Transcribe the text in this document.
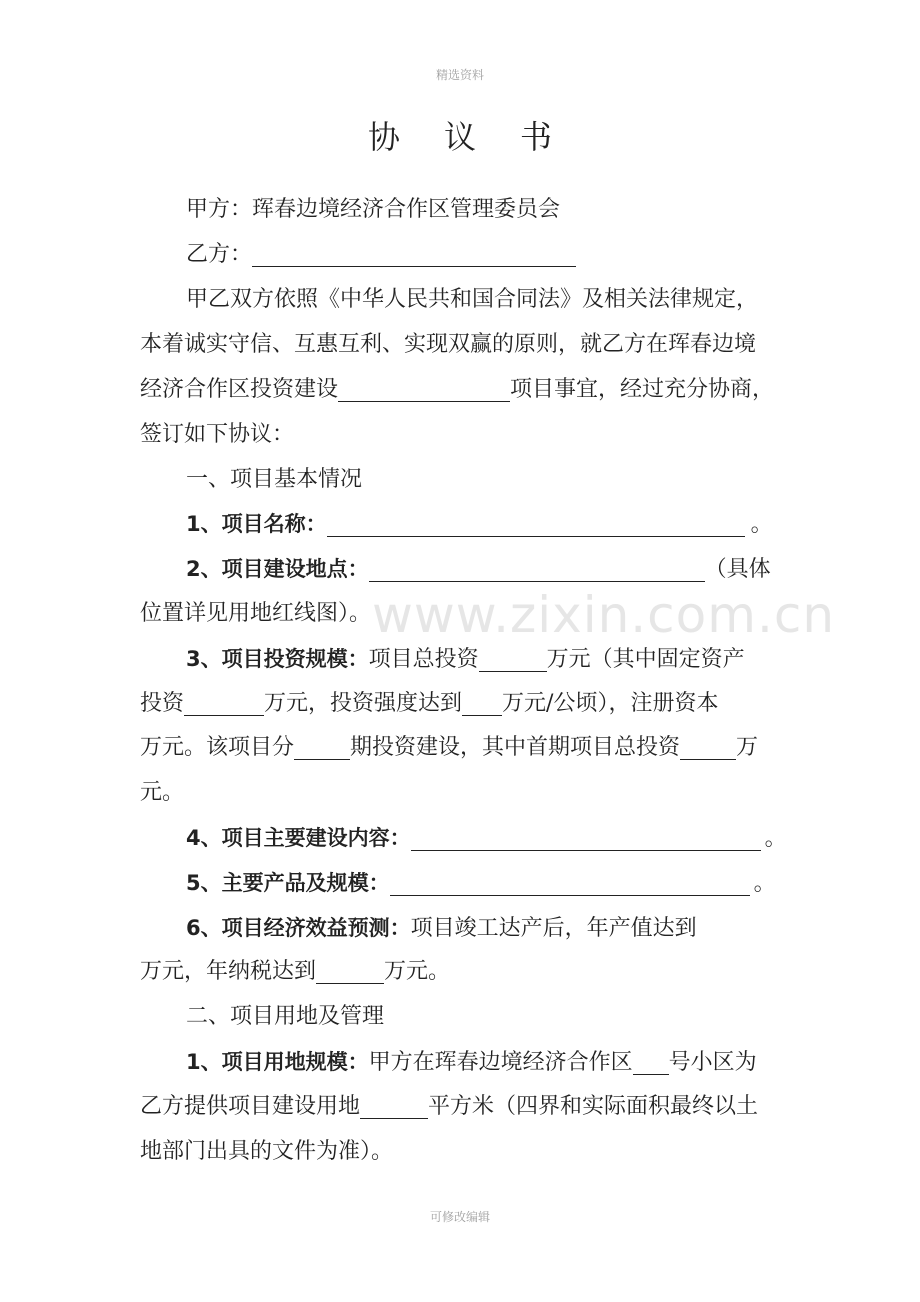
精选资料
www.zixin.com.cn
协议书
甲方：珲春边境经济合作区管理委员会
乙方：
甲乙双方依照《中华人民共和国合同法》及相关法律规定，
本着诚实守信、互惠互利、实现双赢的原则，就乙方在珲春边境
经济合作区投资建设	项目事宜，经过充分协商，
签订如下协议：
一、项目基本情况
1、项目名称：	。
2、项目建设地点：	（具体
位置详见用地红线图）。
3、项目投资规模：项目总投资	万元（其中固定资产
投资	万元，投资强度达到 万元/公顷），注册资本
万元。该项目分	期投资建设，其中首期项目总投资	万
元。
4、项目主要建设内容：	。
5、主要产品及规模：	。
6、项目经济效益预测：项目竣工达产后，年产值达到
万元，年纳税达到	万元。
二、项目用地及管理
1、项目用地规模：甲方在珲春边境经济合作区 号小区为
乙方提供项目建设用地	平方米（四界和实际面积最终以土
地部门出具的文件为准）。
可修改编辑
